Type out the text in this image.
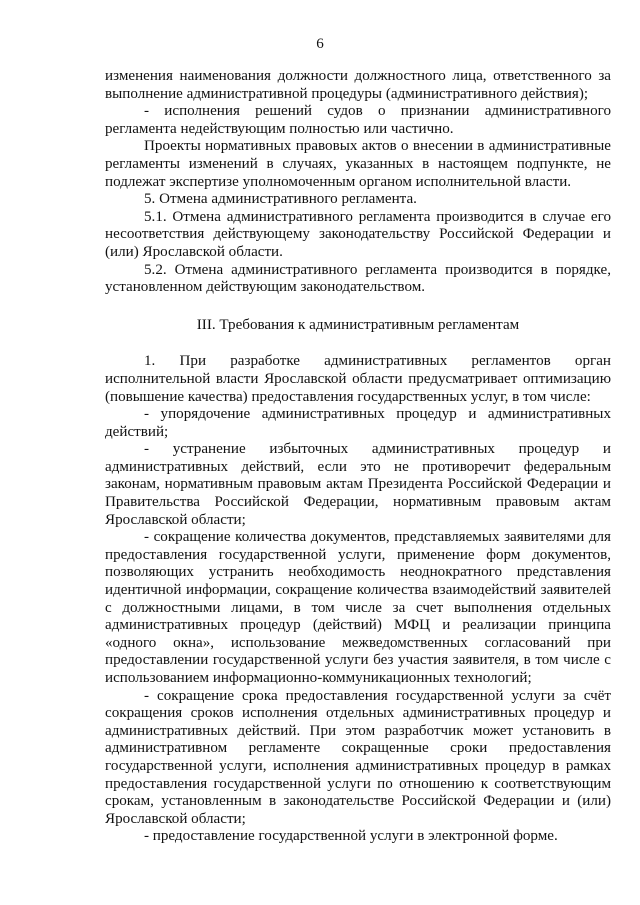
6

изменения наименования должности должностного лица, ответственного за выполнение административной процедуры (административного действия);

- исполнения решений судов о признании административного регламента недействующим полностью или частично.

Проекты нормативных правовых актов о внесении в административные регламенты изменений в случаях, указанных в настоящем подпункте, не подлежат экспертизе уполномоченным органом исполнительной власти.

5. Отмена административного регламента.

5.1. Отмена административного регламента производится в случае его несоответствия действующему законодательству Российской Федерации и (или) Ярославской области.

5.2. Отмена административного регламента производится в порядке, установленном действующим законодательством.

III. Требования к административным регламентам

1. При разработке административных регламентов орган исполнительной власти Ярославской области предусматривает оптимизацию (повышение качества) предоставления государственных услуг, в том числе:

- упорядочение административных процедур и административных действий;

- устранение избыточных административных процедур и административных действий, если это не противоречит федеральным законам, нормативным правовым актам Президента Российской Федерации и Правительства Российской Федерации, нормативным правовым актам Ярославской области;

- сокращение количества документов, представляемых заявителями для предоставления государственной услуги, применение форм документов, позволяющих устранить необходимость неоднократного представления идентичной информации, сокращение количества взаимодействий заявителей с должностными лицами, в том числе за счет выполнения отдельных административных процедур (действий) МФЦ и реализации принципа «одного окна», использование межведомственных согласований при предоставлении государственной услуги без участия заявителя, в том числе с использованием информационно-коммуникационных технологий;

- сокращение срока предоставления государственной услуги за счёт сокращения сроков исполнения отдельных административных процедур и административных действий. При этом разработчик может установить в административном регламенте сокращенные сроки предоставления государственной услуги, исполнения административных процедур в рамках предоставления государственной услуги по отношению к соответствующим срокам, установленным в законодательстве Российской Федерации и (или) Ярославской области;

- предоставление государственной услуги в электронной форме.
